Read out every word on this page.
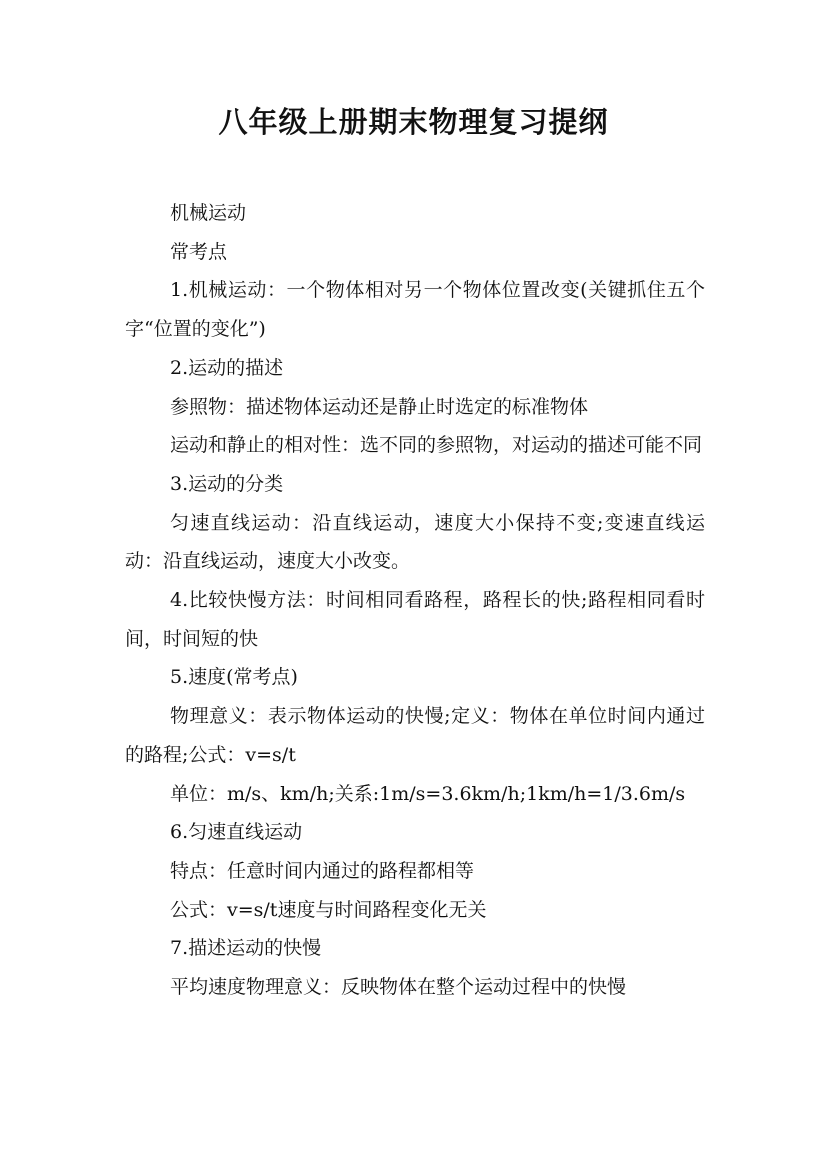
八年级上册期末物理复习提纲

机械运动

常考点

1.机械运动：一个物体相对另一个物体位置改变(关键抓住五个字“位置的变化”)

2.运动的描述

参照物：描述物体运动还是静止时选定的标准物体

运动和静止的相对性：选不同的参照物，对运动的描述可能不同

3.运动的分类

匀速直线运动：沿直线运动，速度大小保持不变;变速直线运动：沿直线运动，速度大小改变。

4.比较快慢方法：时间相同看路程，路程长的快;路程相同看时间，时间短的快

5.速度(常考点)

物理意义：表示物体运动的快慢;定义：物体在单位时间内通过的路程;公式：v=s/t

单位：m/s、km/h;关系:1m/s=3.6km/h;1km/h=1/3.6m/s

6.匀速直线运动

特点：任意时间内通过的路程都相等

公式：v=s/t速度与时间路程变化无关

7.描述运动的快慢

平均速度物理意义：反映物体在整个运动过程中的快慢
